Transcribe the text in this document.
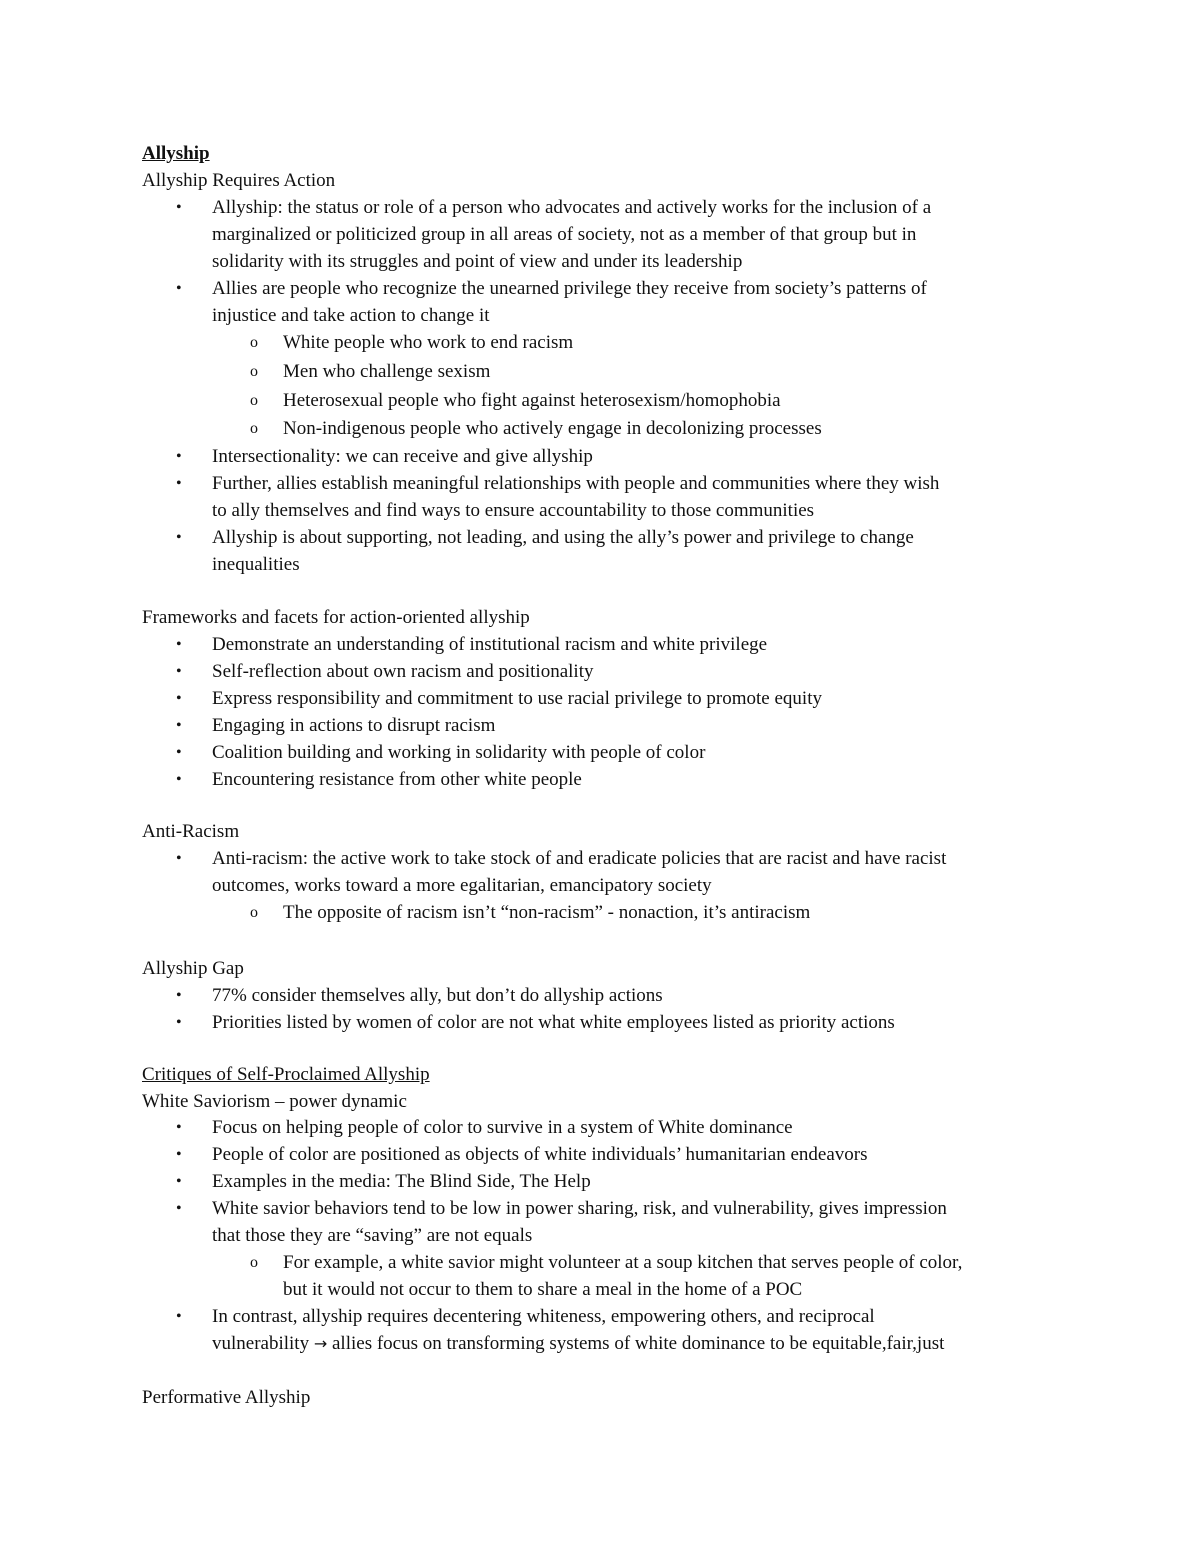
Allyship
Allyship Requires Action
• Allyship: the status or role of a person who advocates and actively works for the inclusion of a
marginalized or politicized group in all areas of society, not as a member of that group but in
solidarity with its struggles and point of view and under its leadership
• Allies are people who recognize the unearned privilege they receive from society’s patterns of
injustice and take action to change it
o White people who work to end racism
o Men who challenge sexism
o Heterosexual people who fight against heterosexism/homophobia
o Non-indigenous people who actively engage in decolonizing processes
• Intersectionality: we can receive and give allyship
• Further, allies establish meaningful relationships with people and communities where they wish
to ally themselves and find ways to ensure accountability to those communities
• Allyship is about supporting, not leading, and using the ally’s power and privilege to change
inequalities
Frameworks and facets for action-oriented allyship
• Demonstrate an understanding of institutional racism and white privilege
• Self-reflection about own racism and positionality
• Express responsibility and commitment to use racial privilege to promote equity
• Engaging in actions to disrupt racism
• Coalition building and working in solidarity with people of color
• Encountering resistance from other white people
Anti-Racism
• Anti-racism: the active work to take stock of and eradicate policies that are racist and have racist
outcomes, works toward a more egalitarian, emancipatory society
o The opposite of racism isn’t “non-racism” - nonaction, it’s antiracism
Allyship Gap
• 77% consider themselves ally, but don’t do allyship actions
• Priorities listed by women of color are not what white employees listed as priority actions
Critiques of Self-Proclaimed Allyship
White Saviorism – power dynamic
• Focus on helping people of color to survive in a system of White dominance
• People of color are positioned as objects of white individuals’ humanitarian endeavors
• Examples in the media: The Blind Side, The Help
• White savior behaviors tend to be low in power sharing, risk, and vulnerability, gives impression
that those they are “saving” are not equals
o For example, a white savior might volunteer at a soup kitchen that serves people of color,
but it would not occur to them to share a meal in the home of a POC
• In contrast, allyship requires decentering whiteness, empowering others, and reciprocal
vulnerability → allies focus on transforming systems of white dominance to be equitable,fair,just
Performative Allyship
